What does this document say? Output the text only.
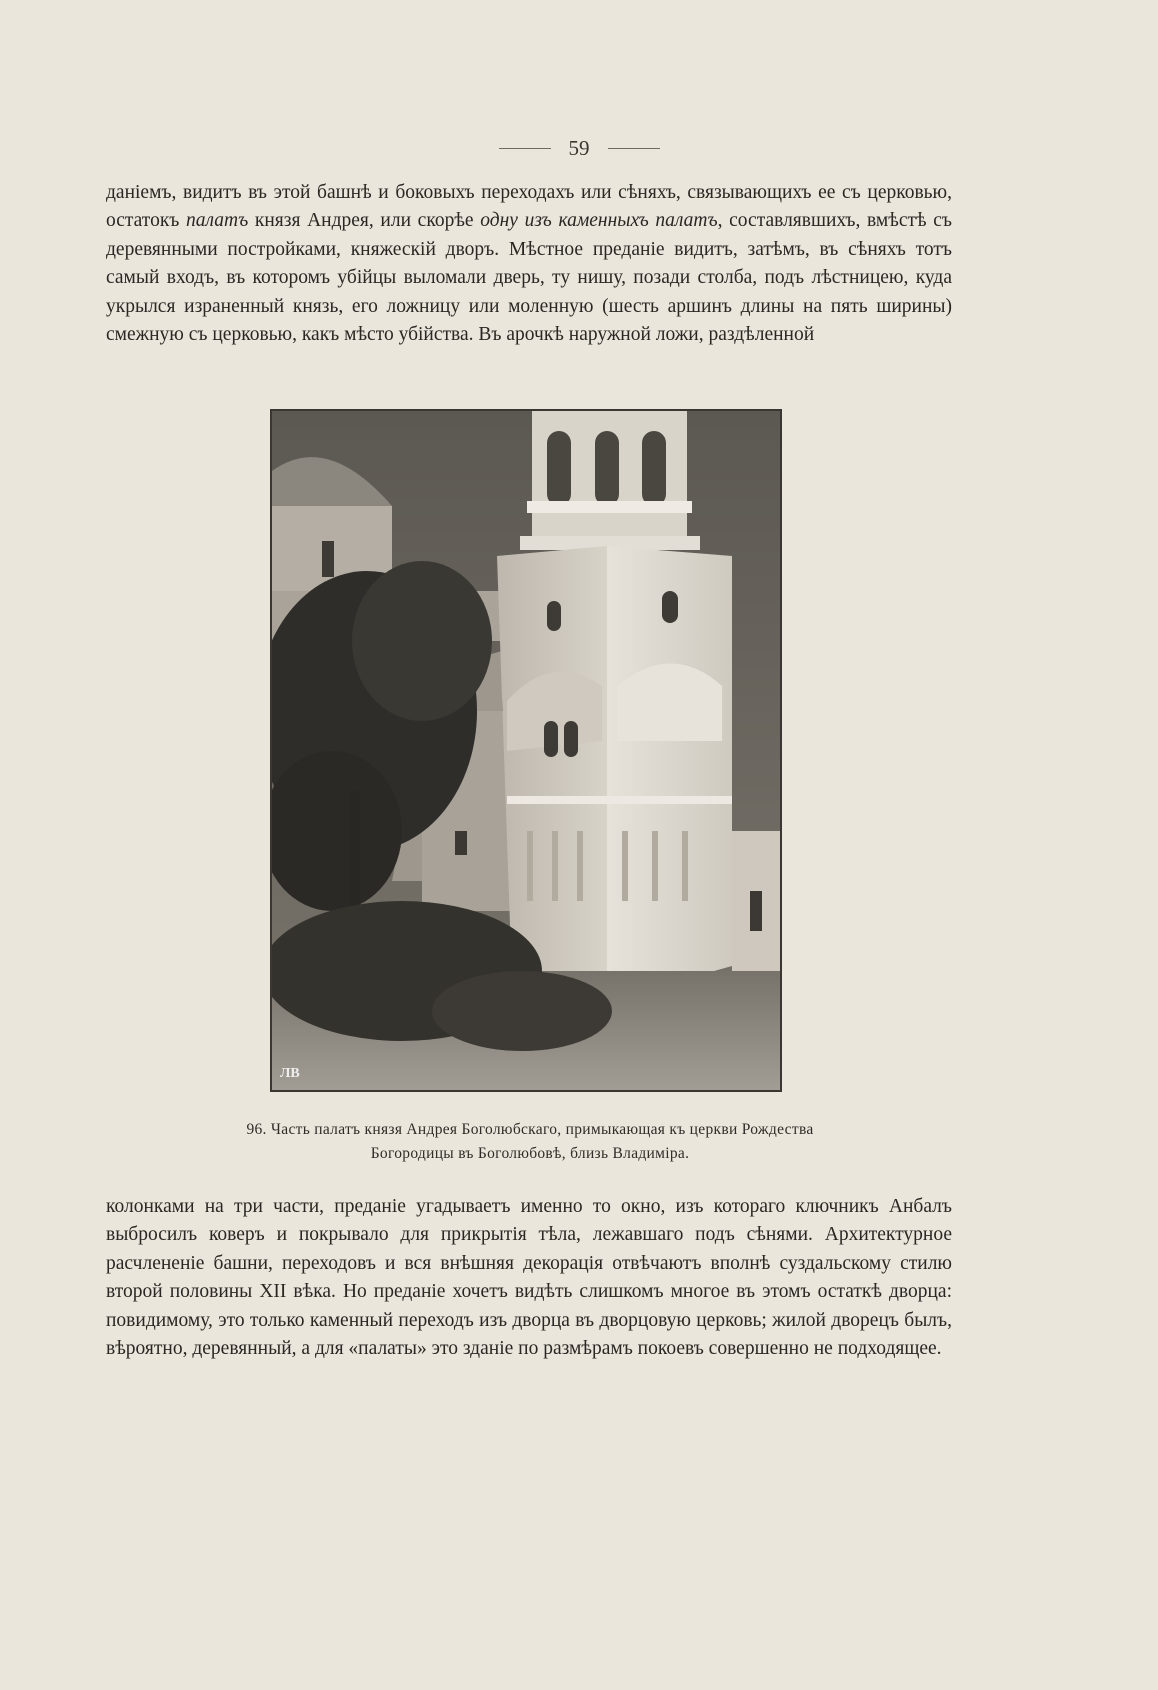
59

данiемъ, видитъ въ этой башнѣ и боковыхъ переходахъ или сѣняхъ, связывающихъ ее съ церковью, остатокъ палатъ князя Андрея, или скорѣе одну изъ каменныхъ палатъ, составлявшихъ, вмѣстѣ съ деревянными постройками, княжескiй дворъ. Мѣстное преданiе видитъ, затѣмъ, въ сѣняхъ тотъ самый входъ, въ которомъ убiйцы выломали дверь, ту нишу, позади столба, подъ лѣстницею, куда укрылся израненный князь, его ложницу или моленную (шесть аршинъ длины на пять ширины) смежную съ церковью, какъ мѣсто убiйства. Въ арочкѣ наружной ложи, раздѣленной

ЛВ
96. Часть палатъ князя Андрея Боголюбскаго, примыкающая къ церкви Рождества
Богородицы въ Боголюбовѣ, близь Владимiра.

колонками на три части, преданiе угадываетъ именно то окно, изъ котораго ключникъ Анбалъ выбросилъ коверъ и покрывало для прикрытiя тѣла, лежавшаго подъ сѣнями. Архитектурное расчлененiе башни, переходовъ и вся внѣшняя декорацiя отвѣчаютъ вполнѣ суздальскому стилю второй половины XII вѣка. Но преданiе хочетъ видѣть слишкомъ многое въ этомъ остаткѣ дворца: повидимому, это только каменный переходъ изъ дворца въ дворцовую церковь; жилой дворецъ былъ, вѣроятно, деревянный, а для «палаты» это зданiе по размѣрамъ покоевъ совершенно не подходящее.
